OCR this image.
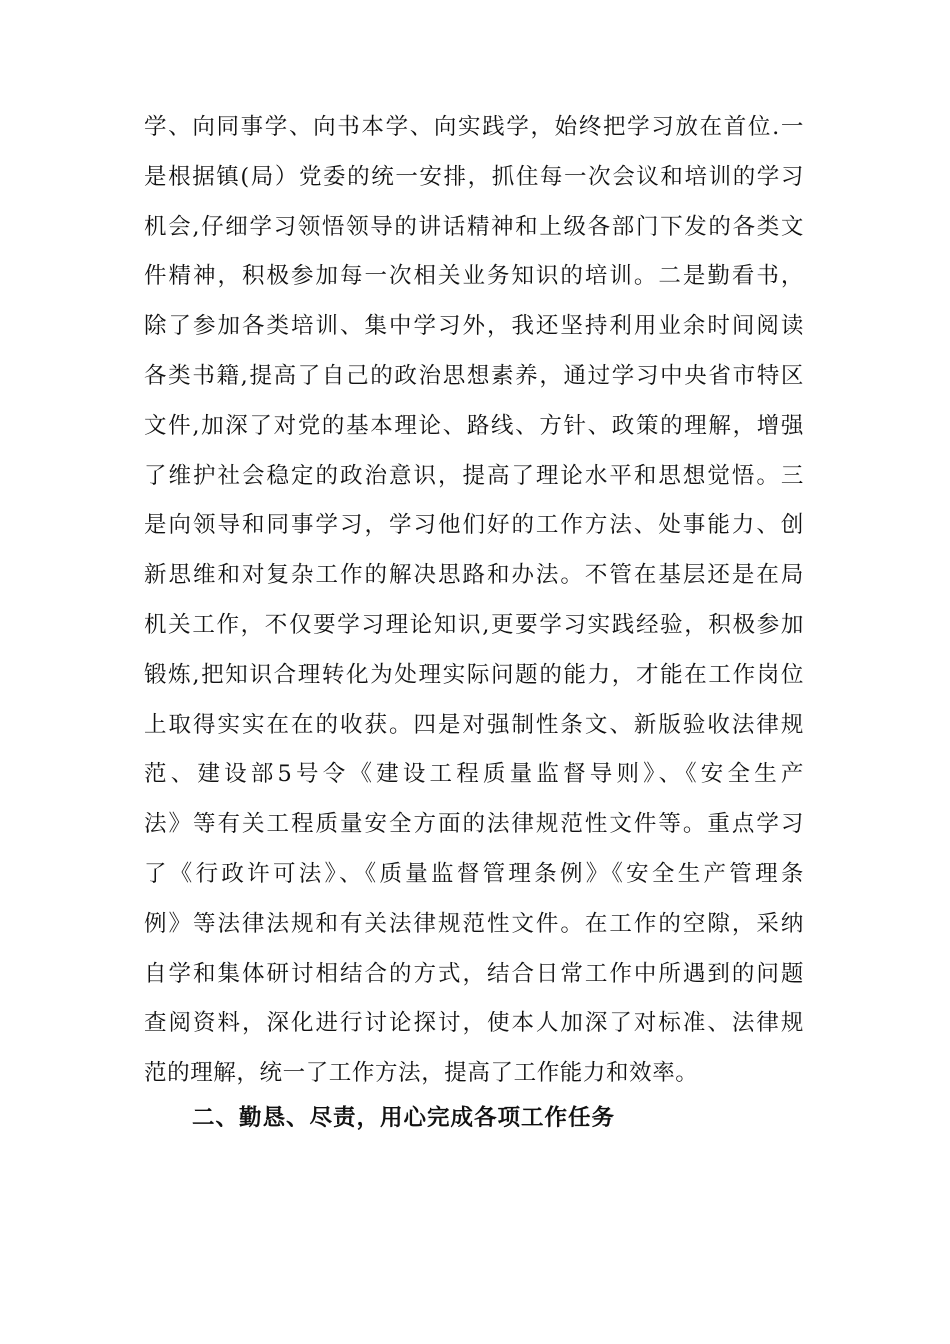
学、向同事学、向书本学、向实践学，始终把学习放在首位.一
是根据镇(局）党委的统一安排，抓住每一次会议和培训的学习
机会,仔细学习领悟领导的讲话精神和上级各部门下发的各类文
件精神，积极参加每一次相关业务知识的培训。二是勤看书，
除了参加各类培训、集中学习外，我还坚持利用业余时间阅读
各类书籍,提高了自己的政治思想素养，通过学习中央省市特区
文件,加深了对党的基本理论、路线、方针、政策的理解，增强
了维护社会稳定的政治意识，提高了理论水平和思想觉悟。三
是向领导和同事学习，学习他们好的工作方法、处事能力、创
新思维和对复杂工作的解决思路和办法。不管在基层还是在局
机关工作，不仅要学习理论知识,更要学习实践经验，积极参加
锻炼,把知识合理转化为处理实际问题的能力，才能在工作岗位
上取得实实在在的收获。四是对强制性条文、新版验收法律规
范、建设部5号令《建设工程质量监督导则》、《安全生产
法》等有关工程质量安全方面的法律规范性文件等。重点学习
了《行政许可法》、《质量监督管理条例》《安全生产管理条
例》等法律法规和有关法律规范性文件。在工作的空隙，采纳
自学和集体研讨相结合的方式，结合日常工作中所遇到的问题
查阅资料，深化进行讨论探讨，使本人加深了对标准、法律规
范的理解，统一了工作方法，提高了工作能力和效率。
二、勤恳、尽责，用心完成各项工作任务
